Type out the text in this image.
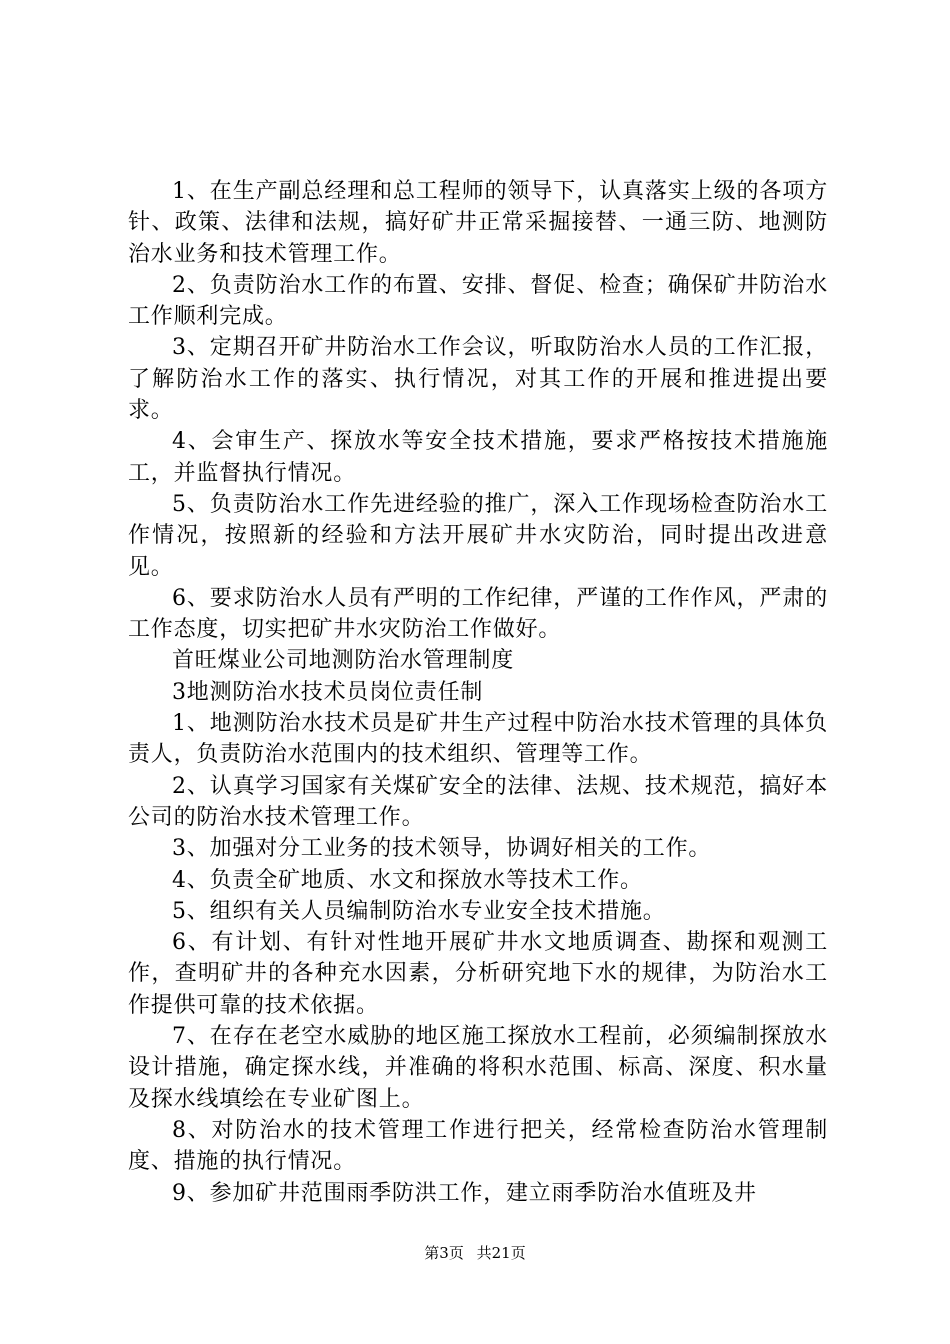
1、在生产副总经理和总工程师的领导下，认真落实上级的各项方针、政策、法律和法规，搞好矿井正常采掘接替、一通三防、地测防治水业务和技术管理工作。

2、负责防治水工作的布置、安排、督促、检查；确保矿井防治水工作顺利完成。

3、定期召开矿井防治水工作会议，听取防治水人员的工作汇报，了解防治水工作的落实、执行情况，对其工作的开展和推进提出要求。

4、会审生产、探放水等安全技术措施，要求严格按技术措施施工，并监督执行情况。

5、负责防治水工作先进经验的推广，深入工作现场检查防治水工作情况，按照新的经验和方法开展矿井水灾防治，同时提出改进意见。

6、要求防治水人员有严明的工作纪律，严谨的工作作风，严肃的工作态度，切实把矿井水灾防治工作做好。

首旺煤业公司地测防治水管理制度

3地测防治水技术员岗位责任制

1、地测防治水技术员是矿井生产过程中防治水技术管理的具体负责人，负责防治水范围内的技术组织、管理等工作。

2、认真学习国家有关煤矿安全的法律、法规、技术规范，搞好本公司的防治水技术管理工作。

3、加强对分工业务的技术领导，协调好相关的工作。

4、负责全矿地质、水文和探放水等技术工作。

5、组织有关人员编制防治水专业安全技术措施。

6、有计划、有针对性地开展矿井水文地质调查、勘探和观测工作，查明矿井的各种充水因素，分析研究地下水的规律，为防治水工作提供可靠的技术依据。

7、在存在老空水威胁的地区施工探放水工程前，必须编制探放水设计措施，确定探水线，并准确的将积水范围、标高、深度、积水量及探水线填绘在专业矿图上。

8、对防治水的技术管理工作进行把关，经常检查防治水管理制度、措施的执行情况。

9、参加矿井范围雨季防洪工作，建立雨季防治水值班及井

第3页 共21页
